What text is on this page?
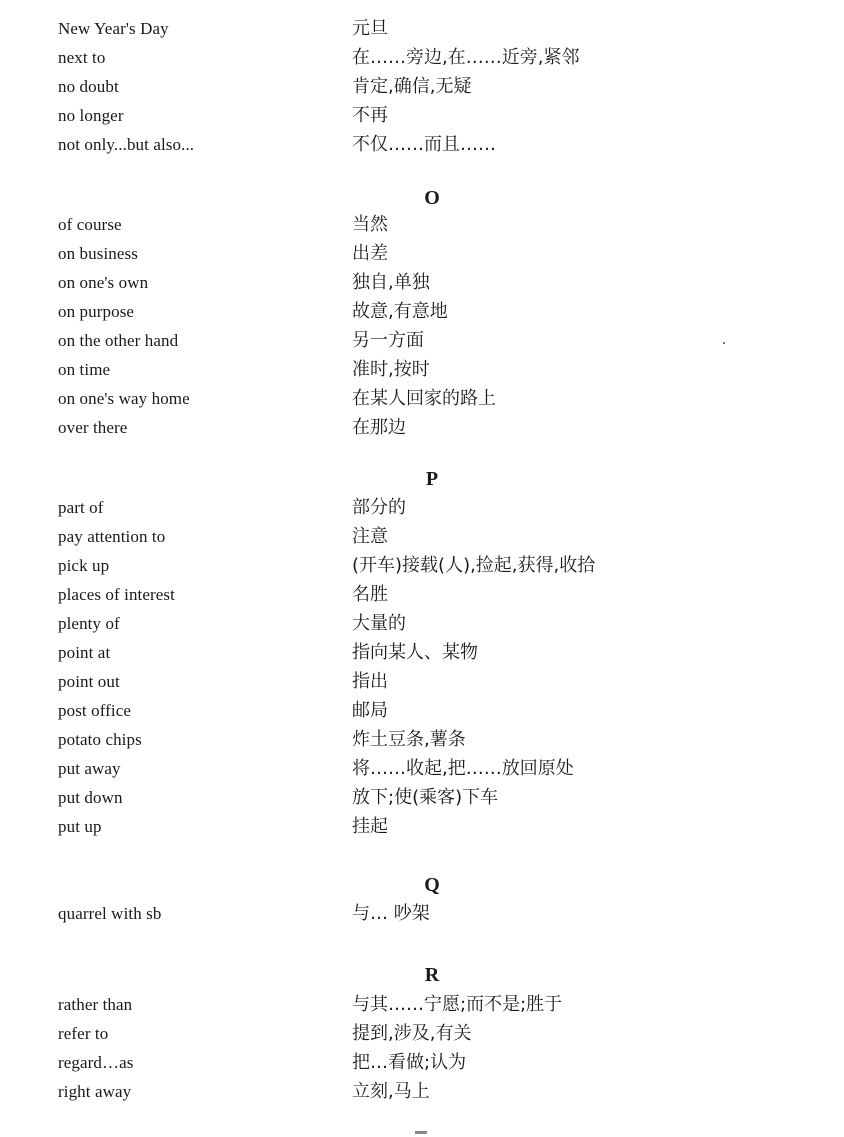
New Year's Day	元旦
next to	在……旁边,在……近旁,紧邻
no doubt	肯定,确信,无疑
no longer	不再
not only...but also...	不仅……而且……
O
of course	当然
on business	出差
on one's own	独自,单独
on purpose	故意,有意地
on the other hand	另一方面
on time	准时,按时
on one's way home	在某人回家的路上
over there	在那边
P
part of	部分的
pay attention to	注意
pick up	(开车)接载(人),捡起,获得,收拾
places of interest	名胜
plenty of	大量的
point at	指向某人、某物
point out	指出
post office	邮局
potato chips	炸土豆条,薯条
put away	将……收起,把……放回原处
put down	放下;使(乘客)下车
put up	挂起
Q
quarrel with sb	与… 吵架
R
rather than	与其……宁愿;而不是;胜于
refer to	提到,涉及,有关
regard…as	把…看做;认为
right away	立刻,马上
